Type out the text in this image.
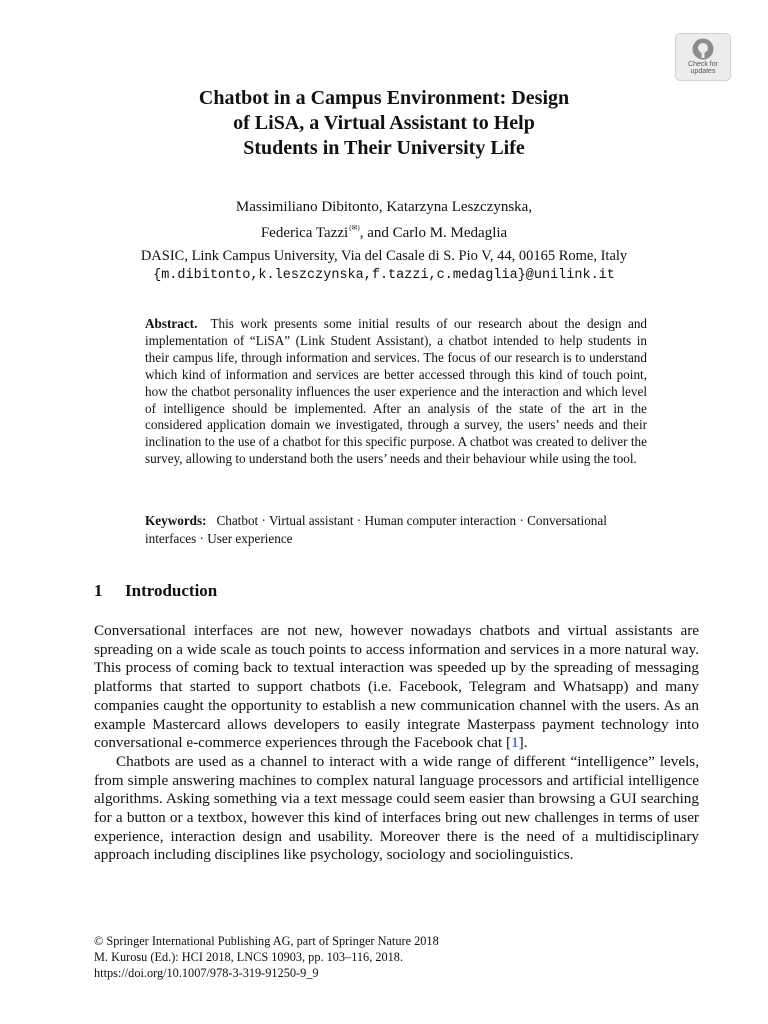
Check for
updates
Chatbot in a Campus Environment: Design
of LiSA, a Virtual Assistant to Help
Students in Their University Life
Massimiliano Dibitonto, Katarzyna Leszczynska,
Federica Tazzi(✉), and Carlo M. Medaglia
DASIC, Link Campus University, Via del Casale di S. Pio V, 44, 00165 Rome, Italy
{m.dibitonto,k.leszczynska,f.tazzi,c.medaglia}@unilink.it
Abstract. This work presents some initial results of our research about the design and implementation of “LiSA” (Link Student Assistant), a chatbot intended to help students in their campus life, through information and services. The focus of our research is to understand which kind of information and services are better accessed through this kind of touch point, how the chatbot personality influences the user experience and the interaction and which level of intelligence should be implemented. After an analysis of the state of the art in the considered application domain we investigated, through a survey, the users’ needs and their inclination to the use of a chatbot for this specific purpose. A chatbot was created to deliver the survey, allowing to understand both the users’ needs and their behaviour while using the tool.
Keywords: Chatbot · Virtual assistant · Human computer interaction · Conversational interfaces · User experience
1 Introduction

Conversational interfaces are not new, however nowadays chatbots and virtual assistants are spreading on a wide scale as touch points to access information and services in a more natural way. This process of coming back to textual interaction was speeded up by the spreading of messaging platforms that started to support chatbots (i.e. Facebook, Telegram and Whatsapp) and many companies caught the opportunity to establish a new communication channel with the users. As an example Mastercard allows developers to easily integrate Masterpass payment technology into conversational e-commerce experiences through the Facebook chat [1].

Chatbots are used as a channel to interact with a wide range of different “intelligence” levels, from simple answering machines to complex natural language processors and artificial intelligence algorithms. Asking something via a text message could seem easier than browsing a GUI searching for a button or a textbox, however this kind of interfaces bring out new challenges in terms of user experience, interaction design and usability. Moreover there is the need of a multidisciplinary approach including disciplines like psychology, sociology and sociolinguistics.

© Springer International Publishing AG, part of Springer Nature 2018
M. Kurosu (Ed.): HCI 2018, LNCS 10903, pp. 103–116, 2018.
https://doi.org/10.1007/978-3-319-91250-9_9
